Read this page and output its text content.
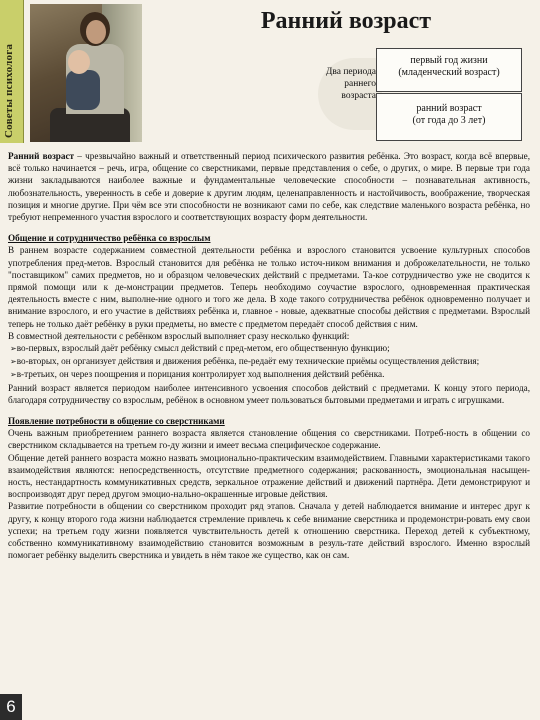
Советы психолога
Ранний возраст
Два периода раннего возраста
первый год жизни
(младенческий возраст)
ранний возраст
(от года до 3 лет)

Ранний возраст – чрезвычайно важный и ответственный период психического развития ребёнка. Это возраст, когда всё впервые, всё только начинается – речь, игра, общение со сверстниками, первые представления о себе, о других, о мире. В первые три года жизни закладываются наиболее важные и фундаментальные человеческие способности – познавательная активность, любознательность, уверенность в себе и доверие к другим людям, целенаправленность и настойчивость, воображение, творческая позиция и многие другие. При чём все эти способности не возникают сами по себе, как следствие маленького возраста ребёнка, но требуют непременного участия взрослого и соответствующих возрасту форм деятельности.

Общение и сотрудничество ребёнка со взрослым

В раннем возрасте содержанием совместной деятельности ребёнка и взрослого становится усвоение культурных способов употребления пред-метов. Взрослый становится для ребёнка не только источ-ником внимания и доброжелательности, не только "поставщиком" самих предметов, но и образцом человеческих действий с предметами. Та-кое сотрудничество уже не сводится к прямой помощи или к де-монстрации предметов. Теперь необходимо соучастие взрослого, одновременная практическая деятельность вместе с ним, выполне-ние одного и того же дела. В ходе такого сотрудничества ребёнок одновременно получает и внимание взрослого, и его участие в действиях ребёнка и, главное - новые, адекватные способы действия с предметами. Взрослый теперь не только даёт ребёнку в руки предметы, но вместе с предметом передаёт способ действия с ним.

В совместной деятельности с ребёнком взрослый выполняет сразу несколько функций:

➢ во-первых, взрослый даёт ребёнку смысл действий с пред-метом, его общественную функцию;
➢ во-вторых, он организует действия и движения ребёнка, пе-редаёт ему технические приёмы осуществления действия;
➢ в-третьих, он через поощрения и порицания контролирует ход выполнения действий ребёнка.

Ранний возраст является периодом наиболее интенсивного усвоения способов действий с предметами. К концу этого периода, благодаря сотрудничеству со взрослым, ребёнок в основном умеет пользоваться бытовыми предметами и играть с игрушками.

Появление потребности в общение со сверстниками

Очень важным приобретением раннего возраста является становление общения со сверстниками. Потреб-ность в общении со сверстником складывается на третьем го-ду жизни и имеет весьма специфическое содержание.

Общение детей раннего возраста можно назвать эмоционально-практическим взаимодействием. Главными характеристиками такого взаимодействия являются: непосредственность, отсутствие предметного содержания; раскованность, эмоциональная насыщен-ность, нестандартность коммуникативных средств, зеркальное отражение действий и движений партнёра. Дети демонстрируют и воспроизводят друг перед другом эмоцио-нально-окрашенные игровые действия.

Развитие потребности в общении со сверстником проходит ряд этапов. Сначала у детей наблюдается внимание и интерес друг к другу, к концу второго года жизни наблюдается стремление привлечь к себе внимание сверстника и продемонстри-ровать ему свои успехи; на третьем году жизни появляется чувствительность детей к отношению сверстника. Переход детей к субъектному, собственно коммуникативному взаимодействию становится возможным в резуль-тате действий взрослого. Именно взрослый помогает ребёнку выделить сверстника и увидеть в нём такое же существо, как он сам.

6
